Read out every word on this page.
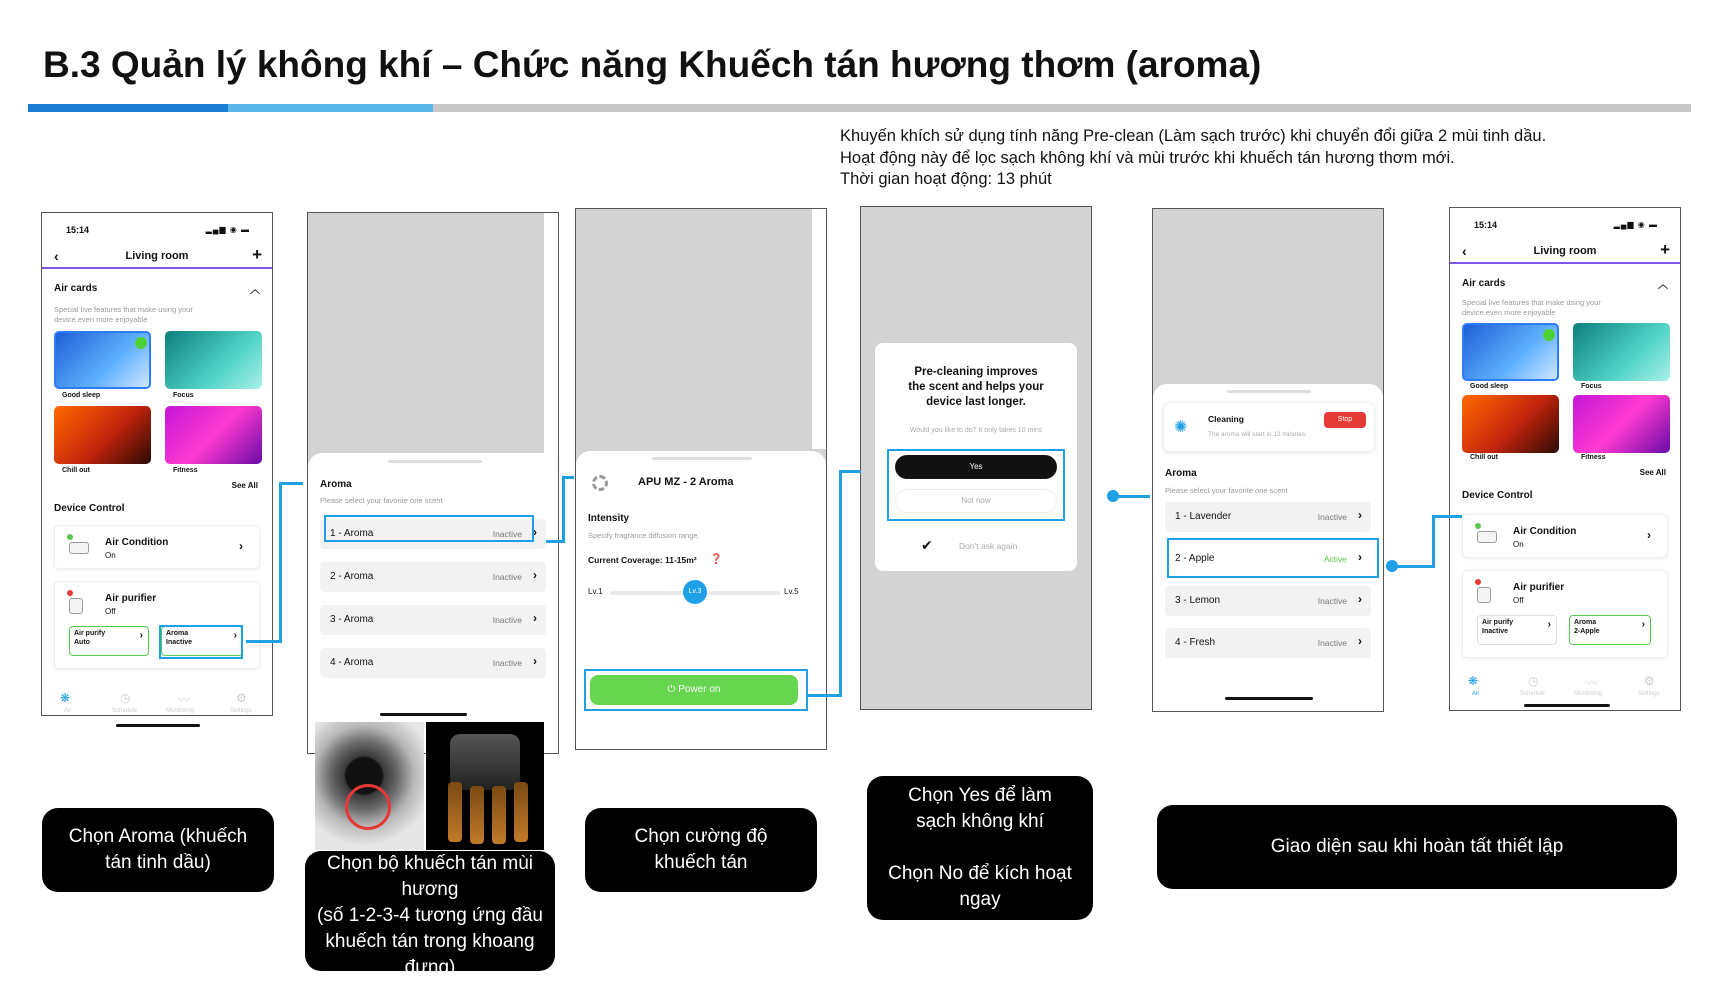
B.3 Quản lý không khí – Chức năng Khuếch tán hương thơm (aroma)
Khuyến khích sử dụng tính năng Pre-clean (Làm sạch trước) khi chuyển đổi giữa 2 mùi tinh dầu.
Hoạt động này để lọc sạch không khí và mùi trước khi khuếch tán hương thơm mới.
Thời gian hoạt động: 13 phút
15:14	▂▄▆ ◉ ▬
‹	Living room	+
Air cards	︿
Special live features that make using your
device even more enjoyable
Good sleep	Focus
Chill out	Fitness
See All
Device Control
Air Condition
On
›
Air purifier
Off
Air purify
Auto
›	Aroma
Inactive
›
❋	◷	〰	⚙
Air	Schedule	Monitoring	Settings
Aroma
Please select your favorite one scent
1 - Aroma	Inactive ›
2 - Aroma	Inactive ›
3 - Aroma	Inactive ›
4 - Aroma	Inactive ›
APU MZ - 2 Aroma
Intensity
Specify fragrance diffusion range.
Current Coverage: 11-15m² ❓
Lv.1	Lv.3	Lv.5
⏻ Power on
Pre-cleaning improves
the scent and helps your
device last longer.
Would you like to do? It only takes 10 mins
Yes
Not now
✔	Don't ask again
✺ Cleaning
The aroma will start in 13 minutes.
Stop
Aroma
Please select your favorite one scent
1 - Lavender	Inactive ›
2 - Apple	Active ›
3 - Lemon	Inactive ›
4 - Fresh	Inactive ›
15:14	▂▄▆ ◉ ▬
‹	Living room	+
Air cards	︿
Special live features that make using your
device even more enjoyable
Good sleep	Focus
Chill out	Fitness
See All
Device Control
Air Condition
On
›
Air purifier
Off
Air purify
Inactive
›	Aroma
2-Apple
›
❋	◷	〰	⚙
Air	Schedule	Monitoring	Settings
Chọn Aroma (khuếch tán tinh dầu)	Chọn bộ khuếch tán mùi hương
(số 1-2-3-4 tương ứng đầu khuếch tán trong khoang đựng)
Chọn cường độ khuếch tán
Chọn Yes để làm sạch không khí
Chọn No để kích hoạt ngay
Giao diện sau khi hoàn tất thiết lập
